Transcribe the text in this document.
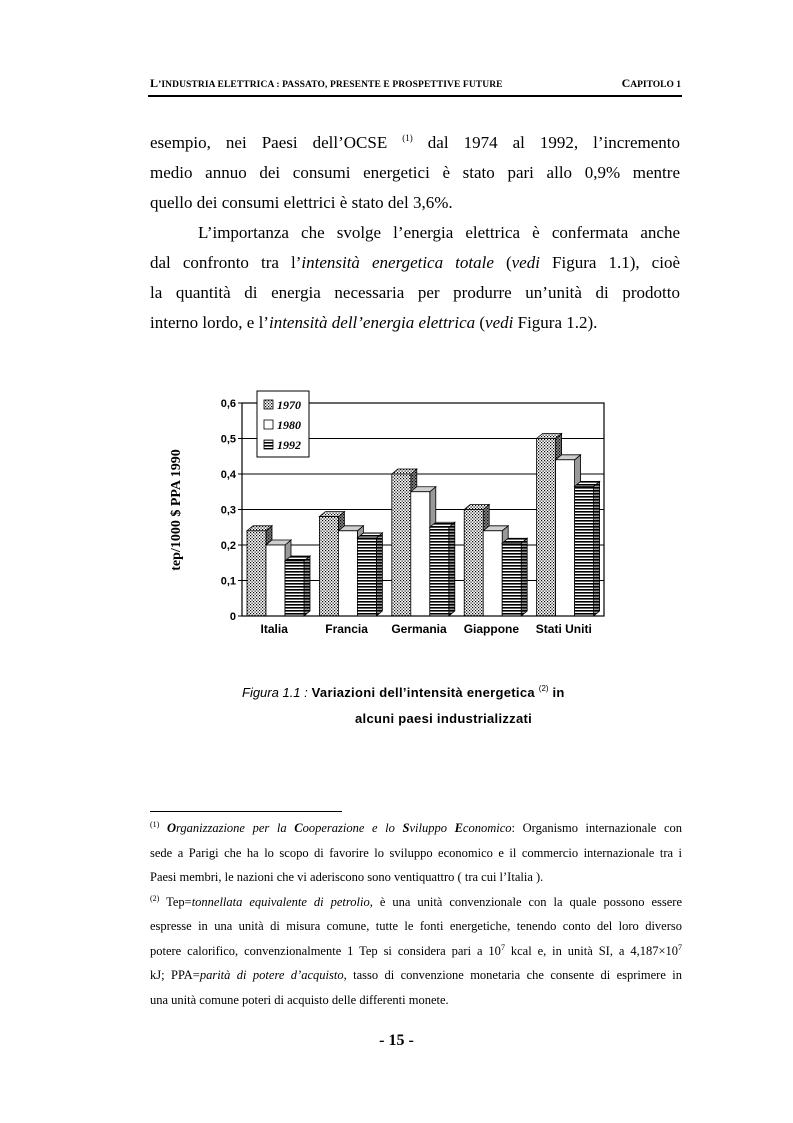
L’INDUSTRIA ELETTRICA : PASSATO, PRESENTE E PROSPETTIVE FUTURE	CAPITOLO 1
esempio, nei Paesi dell’OCSE $^{(1)}$ dal 1974 al 1992, l’incremento
medio annuo dei consumi energetici è stato pari allo 0,9% mentre
quello dei consumi elettrici è stato del 3,6%.
L’importanza che svolge l’energia elettrica è confermata anche
dal confronto tra l’intensità energetica totale (vedi Figura 1.1), cioè
la quantità di energia necessaria per produrre un’unità di prodotto
interno lordo, e l’intensità dell’energia elettrica (vedi Figura 1.2).
tep/1000 $ PPA 1990
0
0,1
0,2
0,3
0,4
0,5
0,6
Italia	Francia Germania Giappone Stati Uniti
1970
1980
1992
Figura 1.1 : Variazioni dell’intensità energetica $^{(2)}$ in
alcuni paesi industrializzati
$^{(1)}$ Organizzazione per la Cooperazione e lo Sviluppo Economico: Organismo internazionale con
sede a Parigi che ha lo scopo di favorire lo sviluppo economico e il commercio internazionale tra i
Paesi membri, le nazioni che vi aderiscono sono ventiquattro ( tra cui l’Italia ).
$^{(2)}$ Tep=tonnellata equivalente di petrolio, è una unità convenzionale con la quale possono essere
espresse in una unità di misura comune, tutte le fonti energetiche, tenendo conto del loro diverso
potere calorifico, convenzionalmente 1 Tep si considera pari a $10^7$ kcal e, in unità SI, a $4,187\times 10^7$
kJ; PPA=parità di potere d’acquisto, tasso di convenzione monetaria che consente di esprimere in
una unità comune poteri di acquisto delle differenti monete.
- 15 -
